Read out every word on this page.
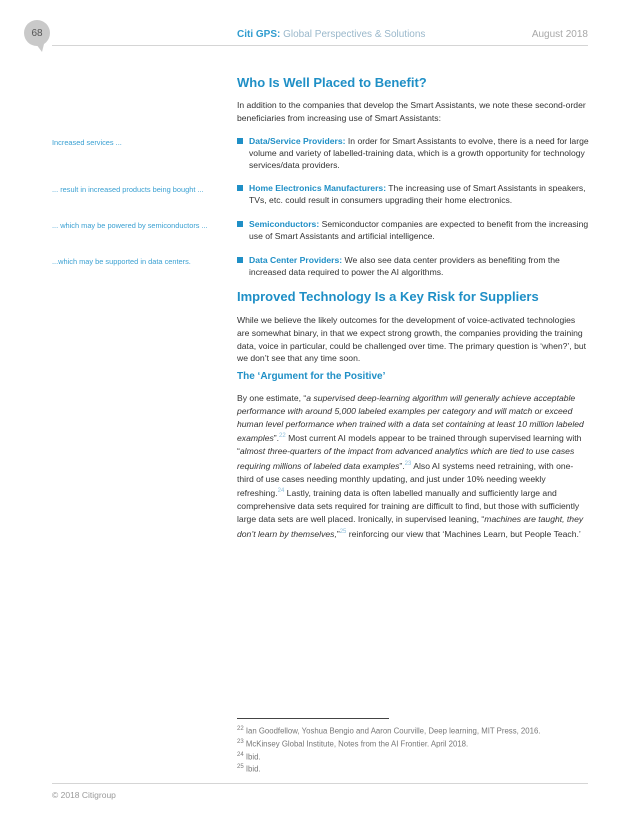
68	Citi GPS: Global Perspectives & Solutions	August 2018
Who Is Well Placed to Benefit?

In addition to the companies that develop the Smart Assistants, we note these second-order beneficiaries from increasing use of Smart Assistants:

Increased services ...
... result in increased products being bought ...
... which may be powered by semiconductors ...
...which may be supported in data centers.
Data/Service Providers: In order for Smart Assistants to evolve, there is a need for large volume and variety of labelled-training data, which is a growth opportunity for technology services/data providers.
Home Electronics Manufacturers: The increasing use of Smart Assistants in speakers, TVs, etc. could result in consumers upgrading their home electronics.
Semiconductors: Semiconductor companies are expected to benefit from the increasing use of Smart Assistants and artificial intelligence.
Data Center Providers: We also see data center providers as benefiting from the increased data required to power the AI algorithms.
Improved Technology Is a Key Risk for Suppliers

While we believe the likely outcomes for the development of voice-activated technologies are somewhat binary, in that we expect strong growth, the companies providing the training data, voice in particular, could be challenged over time. The primary question is ‘when?’, but we don’t see that any time soon.

The ‘Argument for the Positive’

By one estimate, “a supervised deep-learning algorithm will generally achieve acceptable performance with around 5,000 labeled examples per category and will match or exceed human level performance when trained with a data set containing at least 10 million labeled examples”.$^{22}$ Most current AI models appear to be trained through supervised learning with “almost three-quarters of the impact from advanced analytics which are tied to use cases requiring millions of labeled data examples”.$^{23}$ Also AI systems need retraining, with one-third of use cases needing monthly updating, and just under 10% needing weekly refreshing.$^{24}$ Lastly, training data is often labelled manually and sufficiently large and comprehensive data sets required for training are difficult to find, but those with sufficiently large data sets are well placed. Ironically, in supervised leaning, “machines are taught, they don’t learn by themselves,”$^{25}$ reinforcing our view that ‘Machines Learn, but People Teach.’

$^{22}$ Ian Goodfellow, Yoshua Bengio and Aaron Courville, Deep learning, MIT Press, 2016.
$^{23}$ McKinsey Global Institute, Notes from the AI Frontier. April 2018.
$^{24}$ Ibid.
$^{25}$ Ibid.
© 2018 Citigroup
